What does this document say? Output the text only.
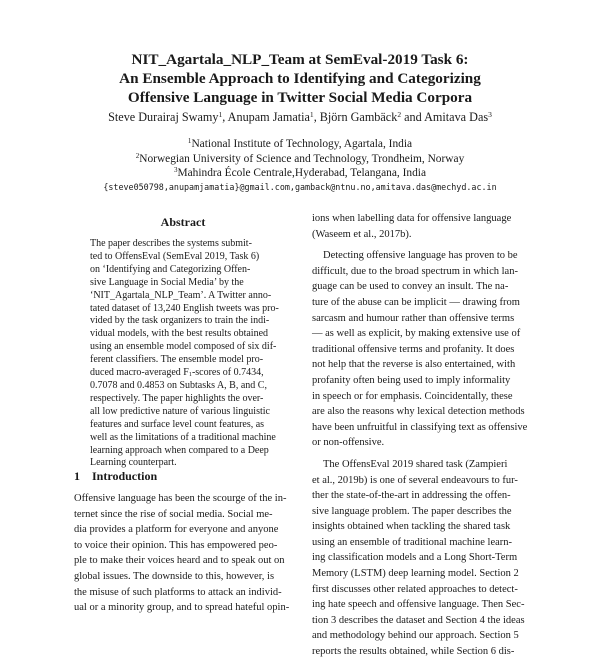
NIT_Agartala_NLP_Team at SemEval-2019 Task 6:
An Ensemble Approach to Identifying and Categorizing
Offensive Language in Twitter Social Media Corpora
Steve Durairaj Swamy$^1$, Anupam Jamatia$^1$, Björn Gambäck$^2$ and Amitava Das$^3$
$^1$National Institute of Technology, Agartala, India
$^2$Norwegian University of Science and Technology, Trondheim, Norway
$^3$Mahindra École Centrale,Hyderabad, Telangana, India
{steve050798,anupamjamatia}@gmail.com,gamback@ntnu.no,amitava.das@mechyd.ac.in
Abstract
The paper describes the systems submit-
ted to OffensEval (SemEval 2019, Task 6)
on ‘Identifying and Categorizing Offen-
sive Language in Social Media’ by the
‘NIT_Agartala_NLP_Team’. A Twitter anno-
tated dataset of 13,240 English tweets was pro-
vided by the task organizers to train the indi-
vidual models, with the best results obtained
using an ensemble model composed of six dif-
ferent classifiers. The ensemble model pro-
duced macro-averaged $F_1$-scores of 0.7434,
0.7078 and 0.4853 on Subtasks A, B, and C,
respectively. The paper highlights the over-
all low predictive nature of various linguistic
features and surface level count features, as
well as the limitations of a traditional machine
learning approach when compared to a Deep
Learning counterpart.
1 Introduction
Offensive language has been the scourge of the in-
ternet since the rise of social media. Social me-
dia provides a platform for everyone and anyone
to voice their opinion. This has empowered peo-
ple to make their voices heard and to speak out on
global issues. The downside to this, however, is
the misuse of such platforms to attack an individ-
ual or a minority group, and to spread hateful opin-
ions when labelling data for offensive language
(Waseem et al., 2017b).
Detecting offensive language has proven to be
difficult, due to the broad spectrum in which lan-
guage can be used to convey an insult. The na-
ture of the abuse can be implicit — drawing from
sarcasm and humour rather than offensive terms
— as well as explicit, by making extensive use of
traditional offensive terms and profanity. It does
not help that the reverse is also entertained, with
profanity often being used to imply informality
in speech or for emphasis. Coincidentally, these
are also the reasons why lexical detection methods
have been unfruitful in classifying text as offensive
or non-offensive.
The OffensEval 2019 shared task (Zampieri
et al., 2019b) is one of several endeavours to fur-
ther the state-of-the-art in addressing the offen-
sive language problem. The paper describes the
insights obtained when tackling the shared task
using an ensemble of traditional machine learn-
ing classification models and a Long Short-Term
Memory (LSTM) deep learning model. Section 2
first discusses other related approaches to detect-
ing hate speech and offensive language. Then Sec-
tion 3 describes the dataset and Section 4 the ideas
and methodology behind our approach. Section 5
reports the results obtained, while Section 6 dis-
